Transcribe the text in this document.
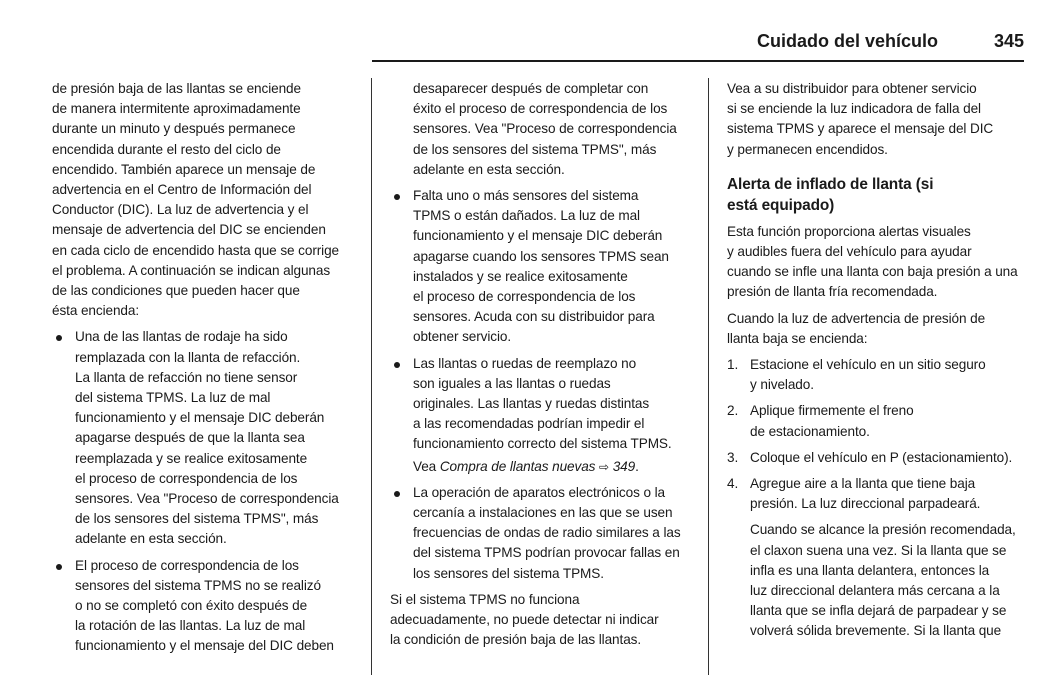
Cuidado del vehículo	345

de presión baja de las llantas se enciende
de manera intermitente aproximadamente
durante un minuto y después permanece
encendida durante el resto del ciclo de
encendido. También aparece un mensaje de
advertencia en el Centro de Información del
Conductor (DIC). La luz de advertencia y el
mensaje de advertencia del DIC se encienden
en cada ciclo de encendido hasta que se corrige
el problema. A continuación se indican algunas
de las condiciones que pueden hacer que
ésta encienda:

Una de las llantas de rodaje ha sido
remplazada con la llanta de refacción.
La llanta de refacción no tiene sensor
del sistema TPMS. La luz de mal
funcionamiento y el mensaje DIC deberán
apagarse después de que la llanta sea
reemplazada y se realice exitosamente
el proceso de correspondencia de los
sensores. Vea "Proceso de correspondencia
de los sensores del sistema TPMS", más
adelante en esta sección.
El proceso de correspondencia de los
sensores del sistema TPMS no se realizó
o no se completó con éxito después de
la rotación de las llantas. La luz de mal
funcionamiento y el mensaje del DIC deben
desaparecer después de completar con
éxito el proceso de correspondencia de los
sensores. Vea "Proceso de correspondencia
de los sensores del sistema TPMS", más
adelante en esta sección.
Falta uno o más sensores del sistema
TPMS o están dañados. La luz de mal
funcionamiento y el mensaje DIC deberán
apagarse cuando los sensores TPMS sean
instalados y se realice exitosamente
el proceso de correspondencia de los
sensores. Acuda con su distribuidor para
obtener servicio.
Las llantas o ruedas de reemplazo no
son iguales a las llantas o ruedas
originales. Las llantas y ruedas distintas
a las recomendadas podrían impedir el
funcionamiento correcto del sistema TPMS.
Vea Compra de llantas nuevas ⇨ 349.
La operación de aparatos electrónicos o la
cercanía a instalaciones en las que se usen
frecuencias de ondas de radio similares a las
del sistema TPMS podrían provocar fallas en
los sensores del sistema TPMS.

Si el sistema TPMS no funciona
adecuadamente, no puede detectar ni indicar
la condición de presión baja de las llantas.

Vea a su distribuidor para obtener servicio
si se enciende la luz indicadora de falla del
sistema TPMS y aparece el mensaje del DIC
y permanecen encendidos.

Alerta de inflado de llanta (si
está equipado)

Esta función proporciona alertas visuales
y audibles fuera del vehículo para ayudar
cuando se infle una llanta con baja presión a una
presión de llanta fría recomendada.

Cuando la luz de advertencia de presión de
llanta baja se encienda:

1. Estacione el vehículo en un sitio seguro
y nivelado.
2. Aplique firmemente el freno
de estacionamiento.
3. Coloque el vehículo en P (estacionamiento).
4. Agregue aire a la llanta que tiene baja
presión. La luz direccional parpadeará.

Cuando se alcance la presión recomendada,
el claxon suena una vez. Si la llanta que se
infla es una llanta delantera, entonces la
luz direccional delantera más cercana a la
llanta que se infla dejará de parpadear y se
volverá sólida brevemente. Si la llanta que
